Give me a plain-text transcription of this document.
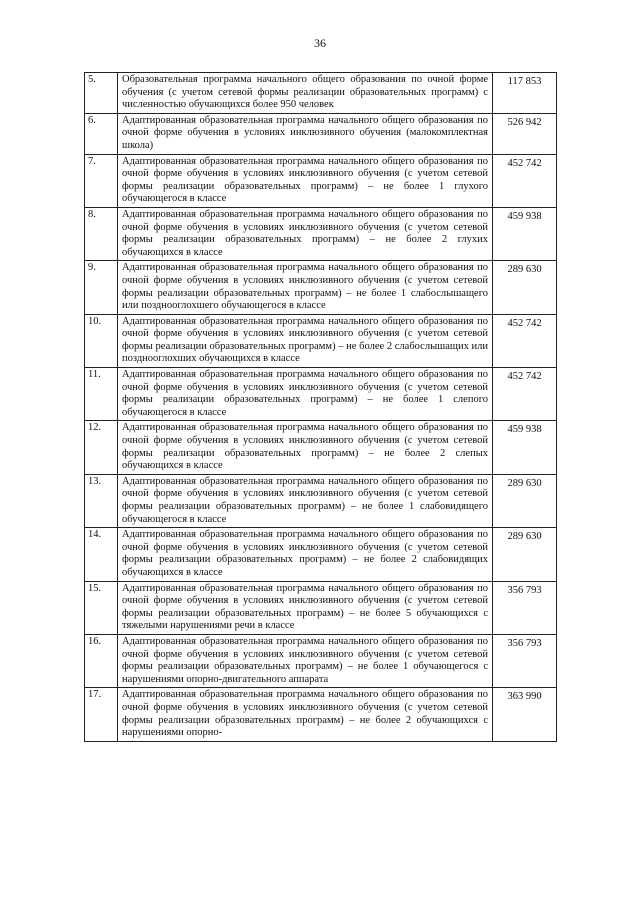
36
5.	Образовательная программа начального общего образования по очной форме обучения (с учетом сетевой формы реализации образовательных программ) с численностью обучающихся более 950 человек	117 853
6.	Адаптированная образовательная программа начального общего образования по очной форме обучения в условиях инклюзивного обучения (малокомплектная школа)	526 942
7.	Адаптированная образовательная программа начального общего образования по очной форме обучения в условиях инклюзивного обучения (с учетом сетевой формы реализации образовательных программ) – не более 1 глухого обучающегося в классе	452 742
8.	Адаптированная образовательная программа начального общего образования по очной форме обучения в условиях инклюзивного обучения (с учетом сетевой формы реализации образовательных программ) – не более 2 глухих обучающихся в классе	459 938
9.	Адаптированная образовательная программа начального общего образования по очной форме обучения в условиях инклюзивного обучения (с учетом сетевой формы реализации образовательных программ) – не более 1 слабослышащего или позднооглохшего обучающегося в классе	289 630
10.	Адаптированная образовательная программа начального общего образования по очной форме обучения в условиях инклюзивного обучения (с учетом сетевой формы реализации образовательных программ) – не более 2 слабослышащих или позднооглохших обучающихся в классе	452 742
11.	Адаптированная образовательная программа начального общего образования по очной форме обучения в условиях инклюзивного обучения (с учетом сетевой формы реализации образовательных программ) – не более 1 слепого обучающегося в классе	452 742
12.	Адаптированная образовательная программа начального общего образования по очной форме обучения в условиях инклюзивного обучения (с учетом сетевой формы реализации образовательных программ) – не более 2 слепых обучающихся в классе	459 938
13.	Адаптированная образовательная программа начального общего образования по очной форме обучения в условиях инклюзивного обучения (с учетом сетевой формы реализации образовательных программ) – не более 1 слабовидящего обучающегося в классе	289 630
14.	Адаптированная образовательная программа начального общего образования по очной форме обучения в условиях инклюзивного обучения (с учетом сетевой формы реализации образовательных программ) – не более 2 слабовидящих обучающихся в классе	289 630
15.	Адаптированная образовательная программа начального общего образования по очной форме обучения в условиях инклюзивного обучения (с учетом сетевой формы реализации образовательных программ) – не более 5 обучающихся с тяжелыми нарушениями речи в классе	356 793
16.	Адаптированная образовательная программа начального общего образования по очной форме обучения в условиях инклюзивного обучения (с учетом сетевой формы реализации образовательных программ) – не более 1 обучающегося с нарушениями опорно-двигательного аппарата	356 793
17.	Адаптированная образовательная программа начального общего образования по очной форме обучения в условиях инклюзивного обучения (с учетом сетевой формы реализации образовательных программ) – не более 2 обучающихся с нарушениями опорно-	363 990
